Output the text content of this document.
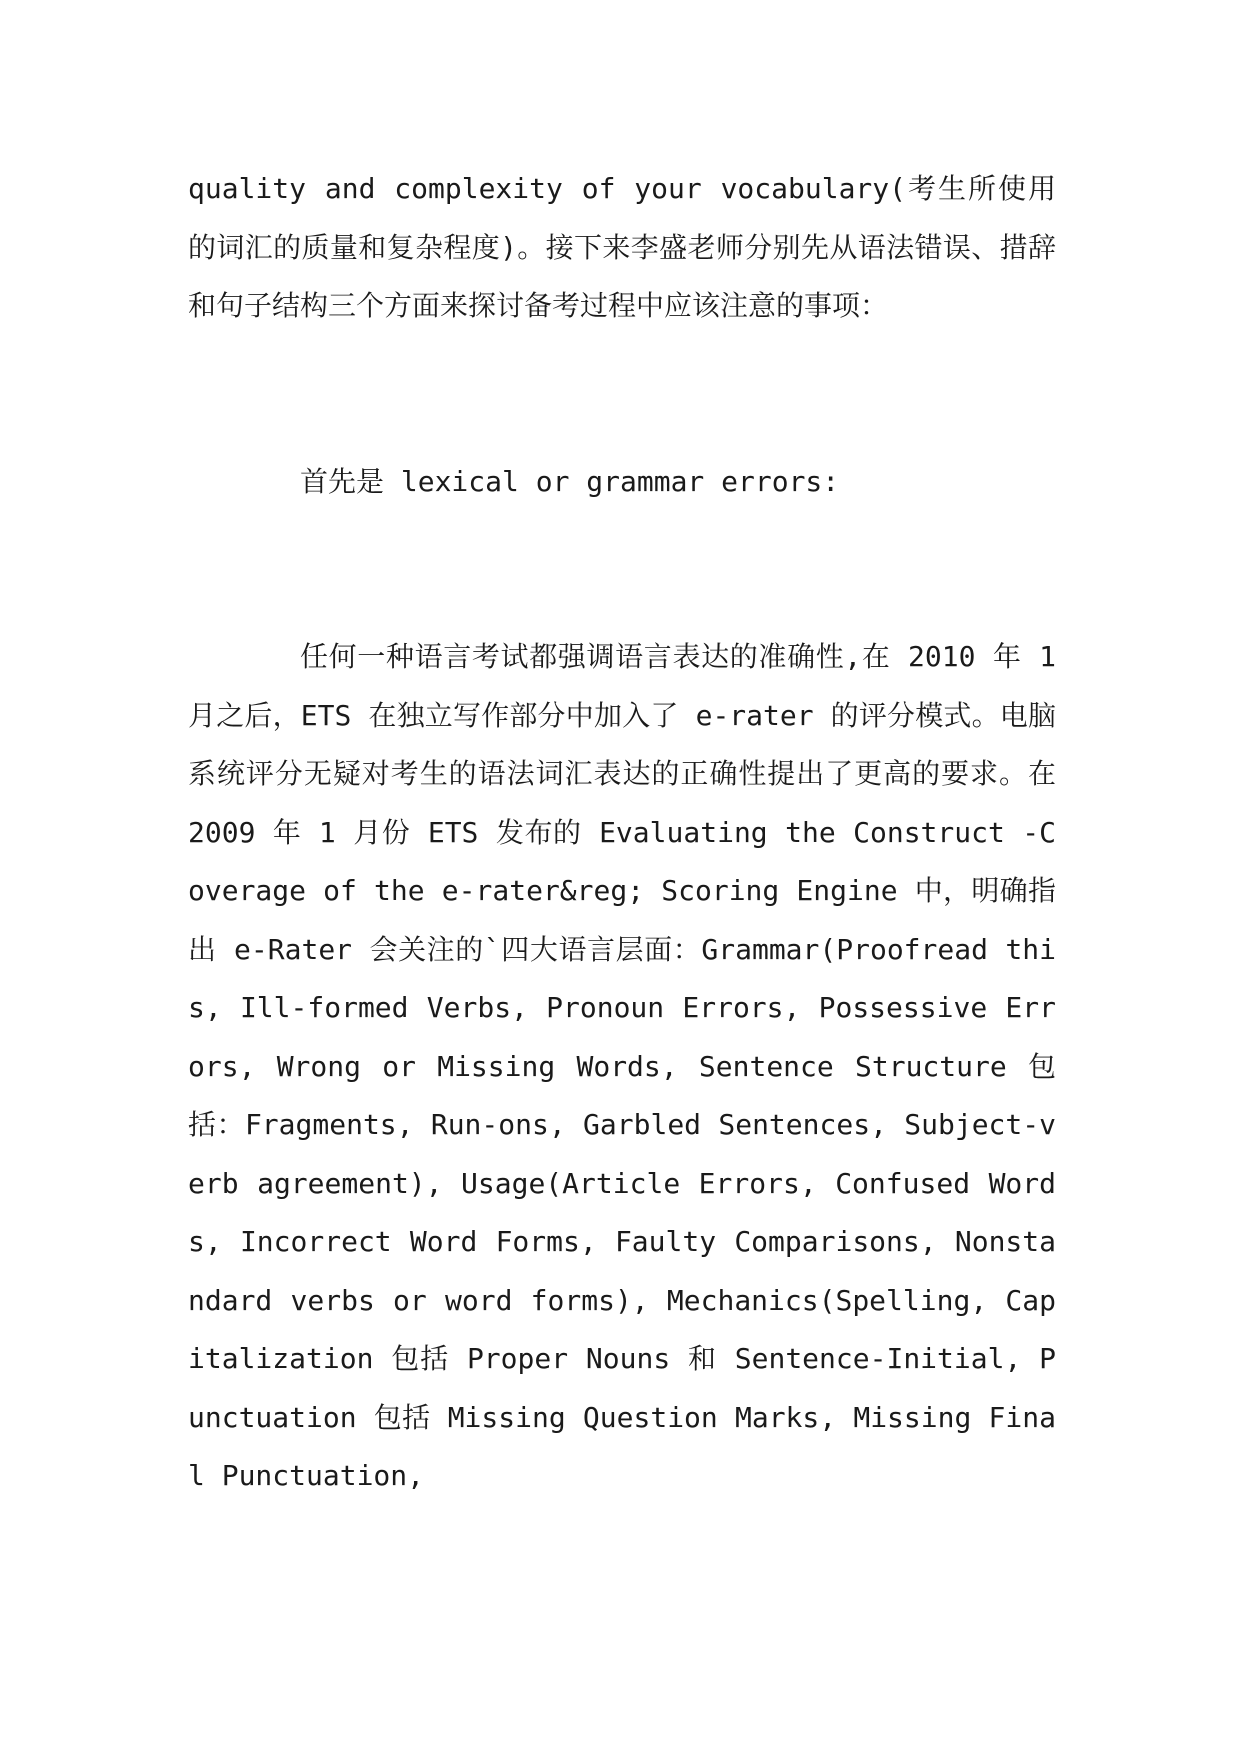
quality and complexity of your vocabulary(考生所使用的词汇的质量和复杂程度)。接下来李盛老师分别先从语法错误、措辞和句子结构三个方面来探讨备考过程中应该注意的事项：

首先是 lexical or grammar errors:

任何一种语言考试都强调语言表达的准确性,在 2010 年 1 月之后，ETS 在独立写作部分中加入了 e-rater 的评分模式。电脑系统评分无疑对考生的语法词汇表达的正确性提出了更高的要求。在 2009 年 1 月份 ETS 发布的 Evaluating the Construct -Coverage of the e-rater&reg; Scoring Engine 中，明确指出 e-Rater 会关注的`四大语言层面：Grammar(Proofread this, Ill-formed Verbs, Pronoun Errors, Possessive Errors, Wrong or Missing Words, Sentence Structure 包括：Fragments, Run-ons, Garbled Sentences, Subject-verb agreement), Usage(Article Errors, Confused Words, Incorrect Word Forms, Faulty Comparisons, Nonstandard verbs or word forms), Mechanics(Spelling, Capitalization 包括 Proper Nouns 和 Sentence-Initial, Punctuation 包括 Missing Question Marks, Missing Final Punctuation,
